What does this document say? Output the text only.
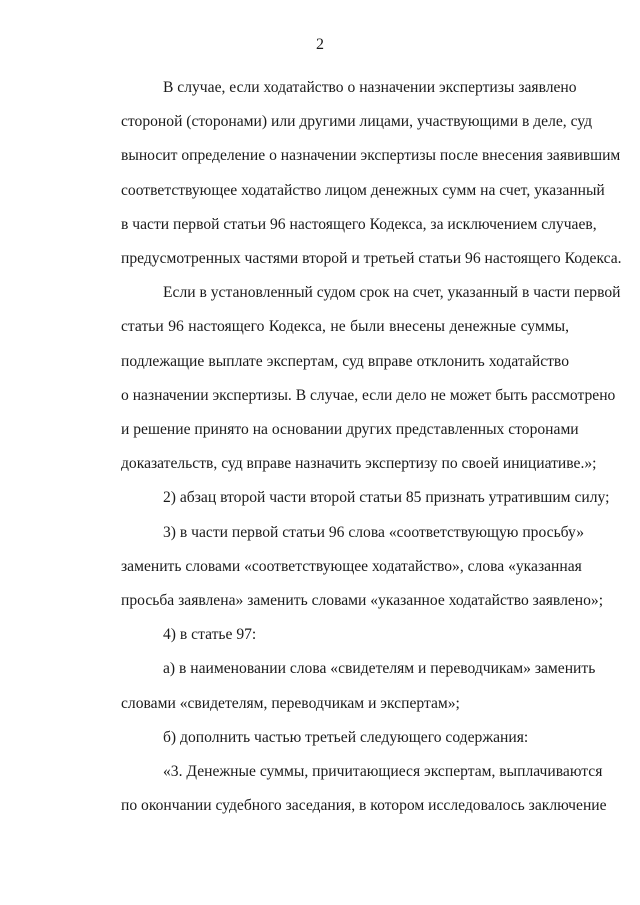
2
В случае, если ходатайство о назначении экспертизы заявлено
стороной (сторонами) или другими лицами, участвующими в деле, суд
выносит определение о назначении экспертизы после внесения заявившим
соответствующее ходатайство лицом денежных сумм на счет, указанный
в части первой статьи 96 настоящего Кодекса, за исключением случаев,
предусмотренных частями второй и третьей статьи 96 настоящего Кодекса.
Если в установленный судом срок на счет, указанный в части первой
статьи 96 настоящего Кодекса, не были внесены денежные суммы,
подлежащие выплате экспертам, суд вправе отклонить ходатайство
о назначении экспертизы. В случае, если дело не может быть рассмотрено
и решение принято на основании других представленных сторонами
доказательств, суд вправе назначить экспертизу по своей инициативе.»;
2) абзац второй части второй статьи 85 признать утратившим силу;
3) в части первой статьи 96 слова «соответствующую просьбу»
заменить словами «соответствующее ходатайство», слова «указанная
просьба заявлена» заменить словами «указанное ходатайство заявлено»;
4) в статье 97:
а) в наименовании слова «свидетелям и переводчикам» заменить
словами «свидетелям, переводчикам и экспертам»;
б) дополнить частью третьей следующего содержания:
«3. Денежные суммы, причитающиеся экспертам, выплачиваются
по окончании судебного заседания, в котором исследовалось заключение
